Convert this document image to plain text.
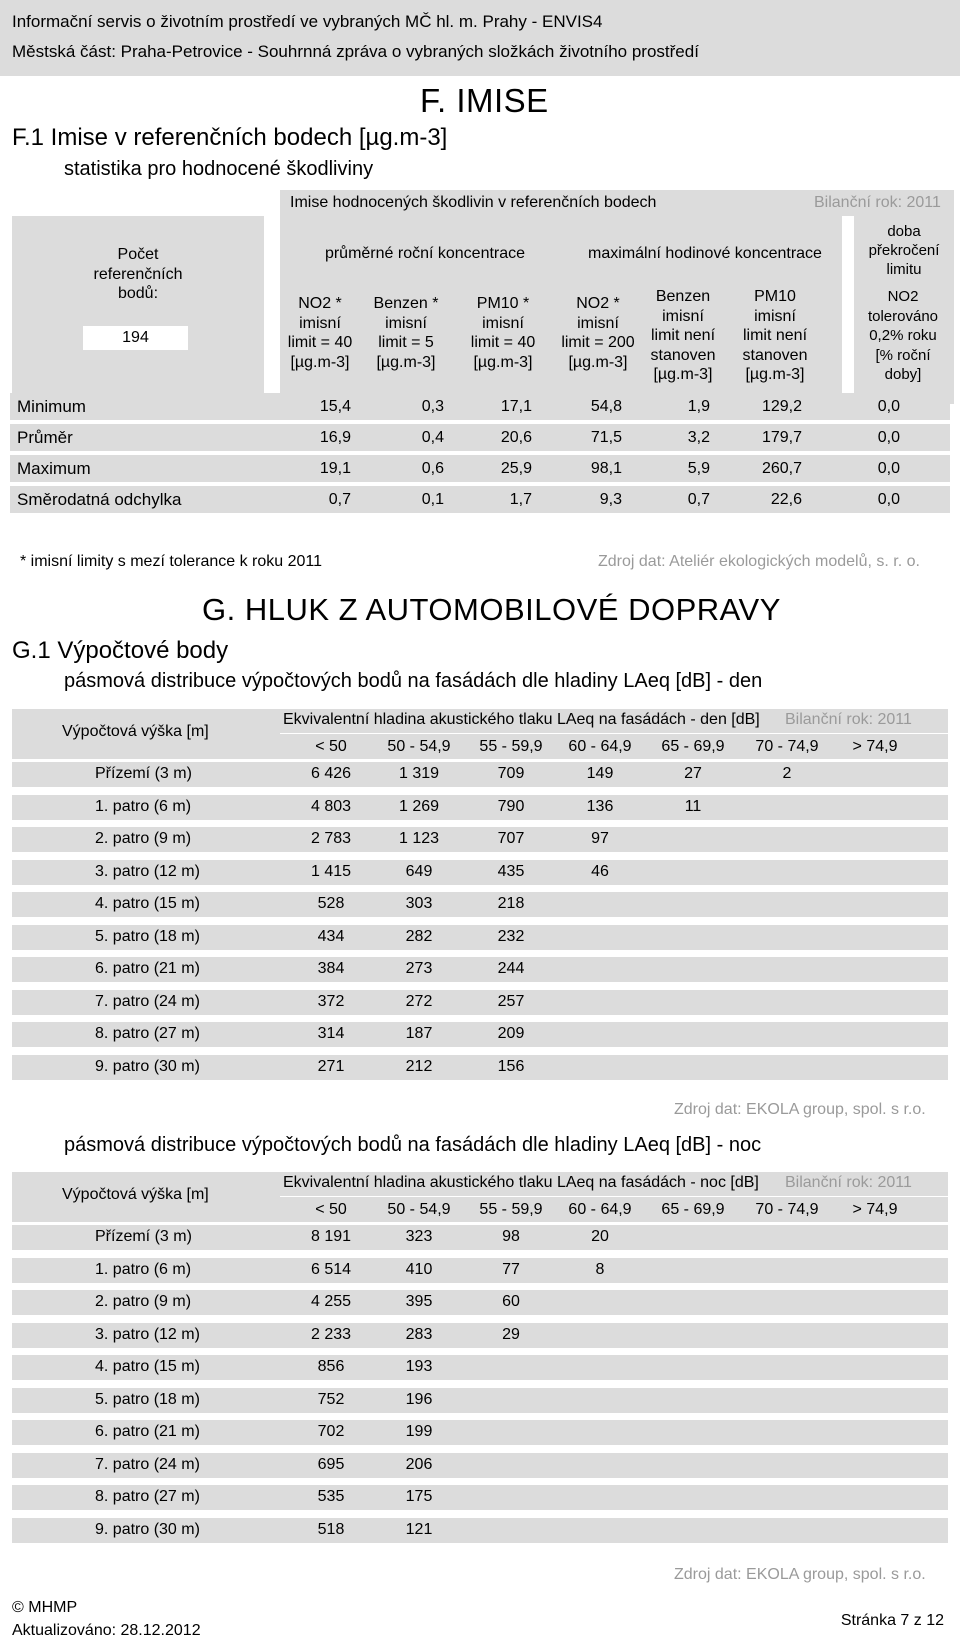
Informační servis o životním prostředí ve vybraných MČ hl. m. Prahy - ENVIS4
Městská část: Praha-Petrovice - Souhrnná zpráva o vybraných složkách životního prostředí
F. IMISE
F.1 Imise v referenčních bodech [µg.m-3]
statistika pro hodnocené škodliviny
Imise hodnocených škodlivin v referenčních bodech	Bilanční rok: 2011
Počet
referenčních
bodů:
194
průměrné roční koncentrace	maximální hodinové koncentrace
doba
překročení
limitu
NO2 *
imisní
limit = 40
[µg.m-3]
Benzen *
imisní
limit = 5
[µg.m-3]
PM10 *
imisní
limit = 40
[µg.m-3]
NO2 *
imisní
limit = 200
[µg.m-3]
Benzen
imisní
limit není
stanoven
[µg.m-3]
PM10
imisní
limit není
stanoven
[µg.m-3]
NO2
tolerováno
0,2% roku
[% roční
doby]
Minimum	15,4	0,3	17,1	54,8	1,9	129,2	0,0
Průměr	16,9	0,4	20,6	71,5	3,2	179,7	0,0
Maximum	19,1	0,6	25,9	98,1	5,9	260,7	0,0
Směrodatná odchylka	0,7	0,1	1,7	9,3	0,7	22,6	0,0
* imisní limity s mezí tolerance k roku 2011	Zdroj dat: Ateliér ekologických modelů, s. r. o.
G. HLUK Z AUTOMOBILOVÉ DOPRAVY
G.1 Výpočtové body
pásmová distribuce výpočtových bodů na fasádách dle hladiny LAeq [dB] - den
Výpočtová výška [m]
Ekvivalentní hladina akustického tlaku LAeq na fasádách - den [dB] Bilanční rok: 2011
< 50	50 - 54,9	55 - 59,9	60 - 64,9	65 - 69,9	70 - 74,9	> 74,9
Přízemí (3 m)	6 426	1 319	709	149	27	2
1. patro (6 m)	4 803	1 269	790	136	11
2. patro (9 m)	2 783	1 123	707	97
3. patro (12 m)	1 415	649	435	46
4. patro (15 m)	528	303	218
5. patro (18 m)	434	282	232
6. patro (21 m)	384	273	244
7. patro (24 m)	372	272	257
8. patro (27 m)	314	187	209
9. patro (30 m)	271	212	156
Zdroj dat: EKOLA group, spol. s r.o.
pásmová distribuce výpočtových bodů na fasádách dle hladiny LAeq [dB] - noc
Výpočtová výška [m]
Ekvivalentní hladina akustického tlaku LAeq na fasádách - noc [dB] Bilanční rok: 2011
< 50	50 - 54,9	55 - 59,9	60 - 64,9	65 - 69,9	70 - 74,9	> 74,9
Přízemí (3 m)	8 191	323	98	20
1. patro (6 m)	6 514	410	77	8
2. patro (9 m)	4 255	395	60
3. patro (12 m)	2 233	283	29
4. patro (15 m)	856	193
5. patro (18 m)	752	196
6. patro (21 m)	702	199
7. patro (24 m)	695	206
8. patro (27 m)	535	175
9. patro (30 m)	518	121
Zdroj dat: EKOLA group, spol. s r.o.
© MHMP
Aktualizováno: 28.12.2012
Stránka 7 z 12
